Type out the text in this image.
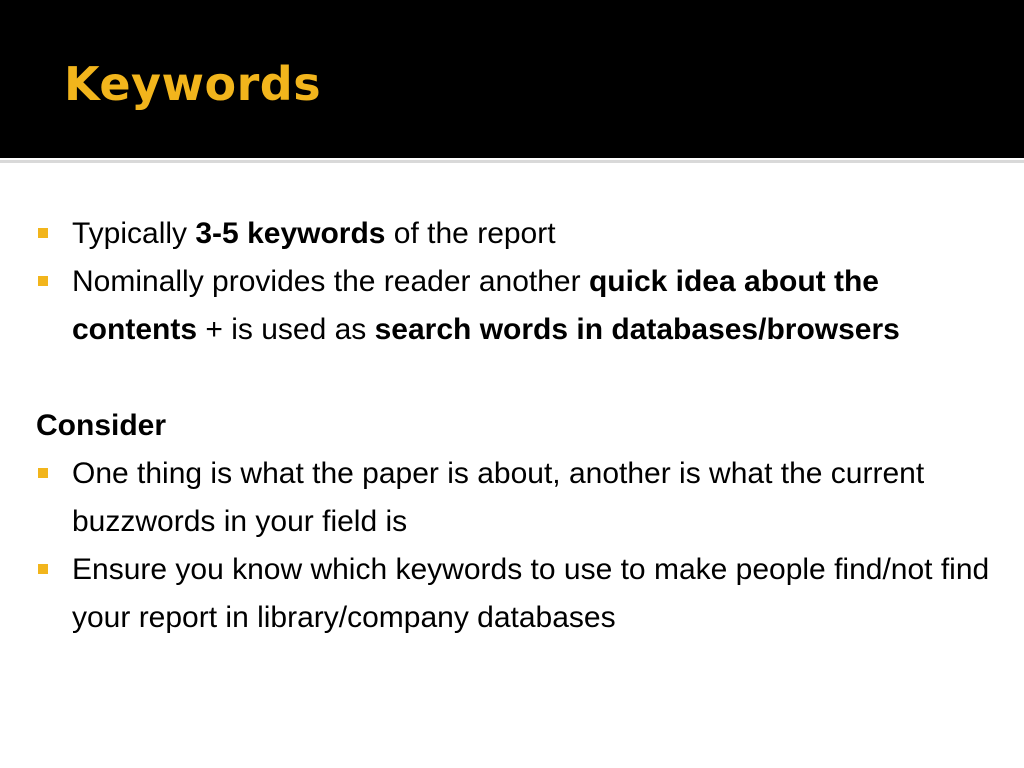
Keywords
Typically 3-5 keywords of the report
Nominally provides the reader another quick idea about the contents + is used as search words in databases/browsers
Consider
One thing is what the paper is about, another is what the current buzzwords in your field is
Ensure you know which keywords to use to make people find/not find your report in library/company databases
